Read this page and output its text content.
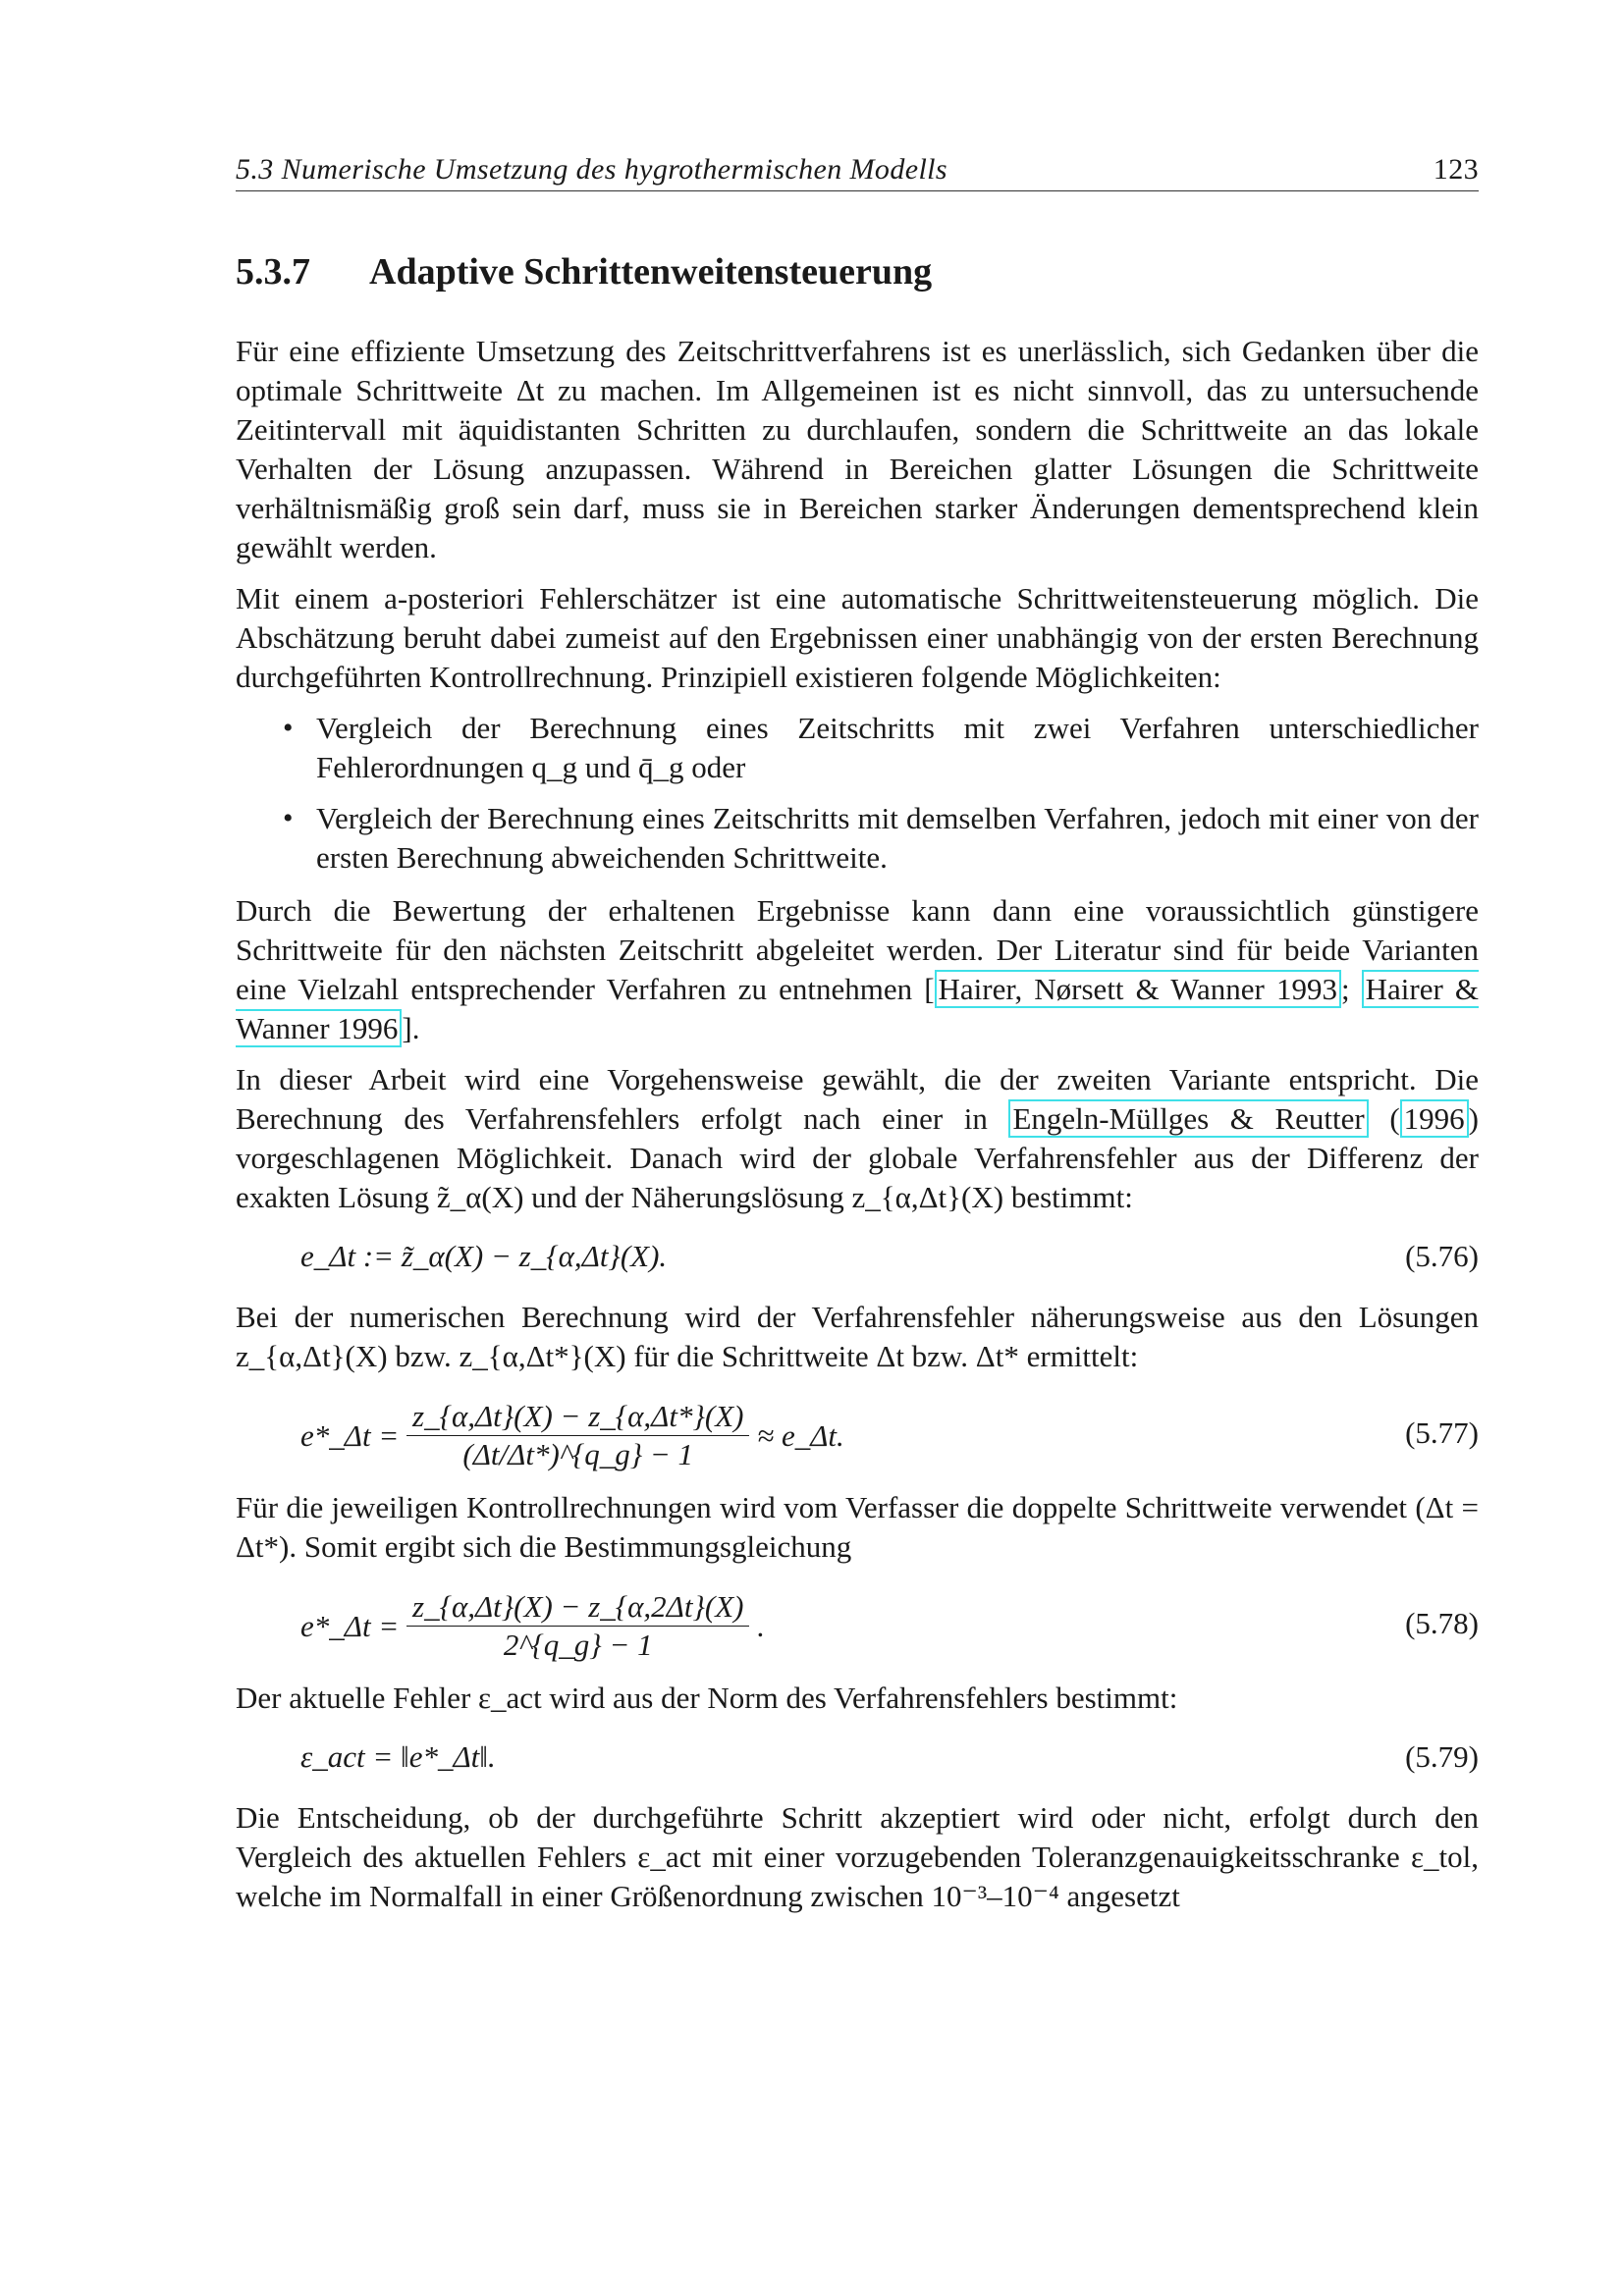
5.3 Numerische Umsetzung des hygrothermischen Modells	123
5.3.7 Adaptive Schrittenweitensteuerung

Für eine effiziente Umsetzung des Zeitschrittverfahrens ist es unerlässlich, sich Gedanken über die optimale Schrittweite Δt zu machen. Im Allgemeinen ist es nicht sinnvoll, das zu untersuchende Zeitintervall mit äquidistanten Schritten zu durchlaufen, sondern die Schrittweite an das lokale Verhalten der Lösung anzupassen. Während in Bereichen glatter Lösungen die Schrittweite verhältnismäßig groß sein darf, muss sie in Bereichen starker Änderungen dementsprechend klein gewählt werden.

Mit einem a-posteriori Fehlerschätzer ist eine automatische Schrittweitensteuerung möglich. Die Abschätzung beruht dabei zumeist auf den Ergebnissen einer unabhängig von der ersten Berechnung durchgeführten Kontrollrechnung. Prinzipiell existieren folgende Möglichkeiten:

• Vergleich der Berechnung eines Zeitschritts mit zwei Verfahren unterschiedlicher Fehlerordnungen q_g und q̄_g oder
• Vergleich der Berechnung eines Zeitschritts mit demselben Verfahren, jedoch mit einer von der ersten Berechnung abweichenden Schrittweite.

Durch die Bewertung der erhaltenen Ergebnisse kann dann eine voraussichtlich günstigere Schrittweite für den nächsten Zeitschritt abgeleitet werden. Der Literatur sind für beide Varianten eine Vielzahl entsprechender Verfahren zu entnehmen [ Hairer, Nørsett & Wanner 1993 ; Hairer & Wanner 1996 ].

In dieser Arbeit wird eine Vorgehensweise gewählt, die der zweiten Variante entspricht. Die Berechnung des Verfahrensfehlers erfolgt nach einer in Engeln-Müllges & Reutter ( 1996 ) vorgeschlagenen Möglichkeit. Danach wird der globale Verfahrensfehler aus der Differenz der exakten Lösung z̃_α(X) und der Näherungslösung z_{α,Δt}(X) bestimmt:

e_Δt := z̃_α(X) − z_{α,Δt}(X).	(5.76)

Bei der numerischen Berechnung wird der Verfahrensfehler näherungsweise aus den Lösungen z_{α,Δt}(X) bzw. z_{α,Δt*}(X) für die Schrittweite Δt bzw. Δt* ermittelt:

e*_Δt = $\frac{z\_\{\alpha,\Delta t\}(X) - z\_\{\alpha,\Delta t*\}(X)}{(\Delta t/\Delta t*)\^{}\{q\_g\} - 1}$ ≈ e_Δt.	(5.77)

Für die jeweiligen Kontrollrechnungen wird vom Verfasser die doppelte Schrittweite verwendet (Δt = Δt*). Somit ergibt sich die Bestimmungsgleichung

e*_Δt = $\frac{z\_\{\alpha,\Delta t\}(X) - z\_\{\alpha,2\Delta t\}(X)}{2\^{}\{q\_g\} - 1}$ .	(5.78)

Der aktuelle Fehler ε_act wird aus der Norm des Verfahrensfehlers bestimmt:

ε_act = ‖e*_Δt‖.	(5.79)

Die Entscheidung, ob der durchgeführte Schritt akzeptiert wird oder nicht, erfolgt durch den Vergleich des aktuellen Fehlers ε_act mit einer vorzugebenden Toleranzgenauigkeitsschranke ε_tol, welche im Normalfall in einer Größenordnung zwischen 10⁻³–10⁻⁴ angesetzt
